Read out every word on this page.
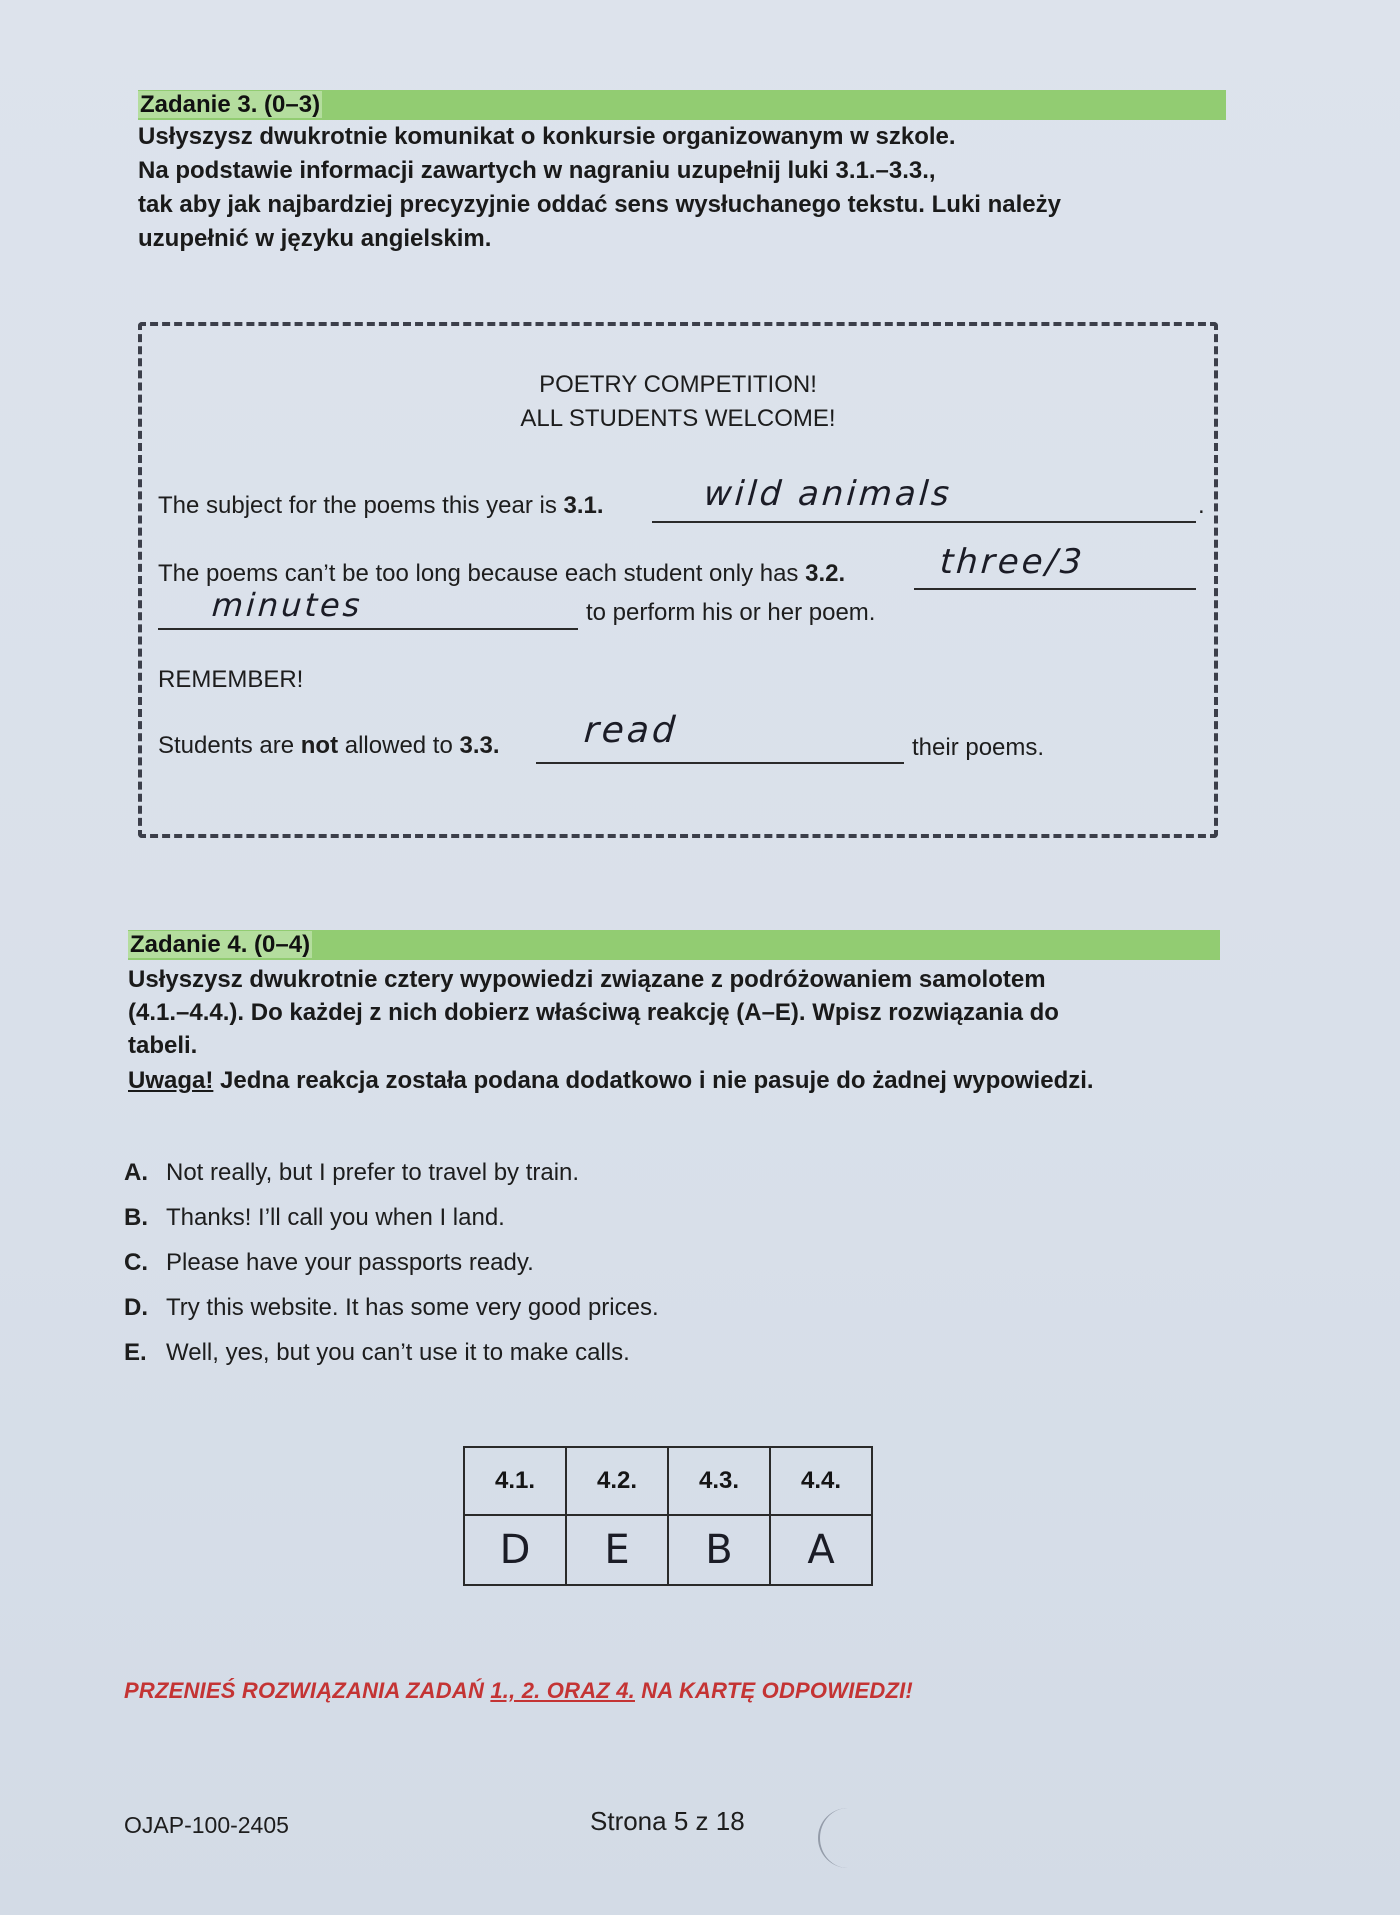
Zadanie 3. (0–3)

Usłyszysz dwukrotnie komunikat o konkursie organizowanym w szkole.

Na podstawie informacji zawartych w nagraniu uzupełnij luki 3.1.–3.3.,

tak aby jak najbardziej precyzyjnie oddać sens wysłuchanego tekstu. Luki należy

uzupełnić w języku angielskim.

POETRY COMPETITION!
ALL STUDENTS WELCOME!
The subject for the poems this year is 3.1.	wild animals	.
The poems can’t be too long because each student only has 3.2.	three/3
minutes	to perform his or her poem.
REMEMBER!
Students are not allowed to 3.3. read	their poems.
Zadanie 4. (0–4)

Usłyszysz dwukrotnie cztery wypowiedzi związane z podróżowaniem samolotem

(4.1.–4.4.). Do każdej z nich dobierz właściwą reakcję (A–E). Wpisz rozwiązania do

tabeli.

Uwaga! Jedna reakcja została podana dodatkowo i nie pasuje do żadnej wypowiedzi.

A. Not really, but I prefer to travel by train.
B. Thanks! I’ll call you when I land.
C. Please have your passports ready.
D. Try this website. It has some very good prices.
E. Well, yes, but you can’t use it to make calls.
4.1.	4.2.	4.3.	4.4.
D	E	B	A
PRZENIEŚ ROZWIĄZANIA ZADAŃ 1., 2. ORAZ 4. NA KARTĘ ODPOWIEDZI!
OJAP-100-2405	Strona 5 z 18
